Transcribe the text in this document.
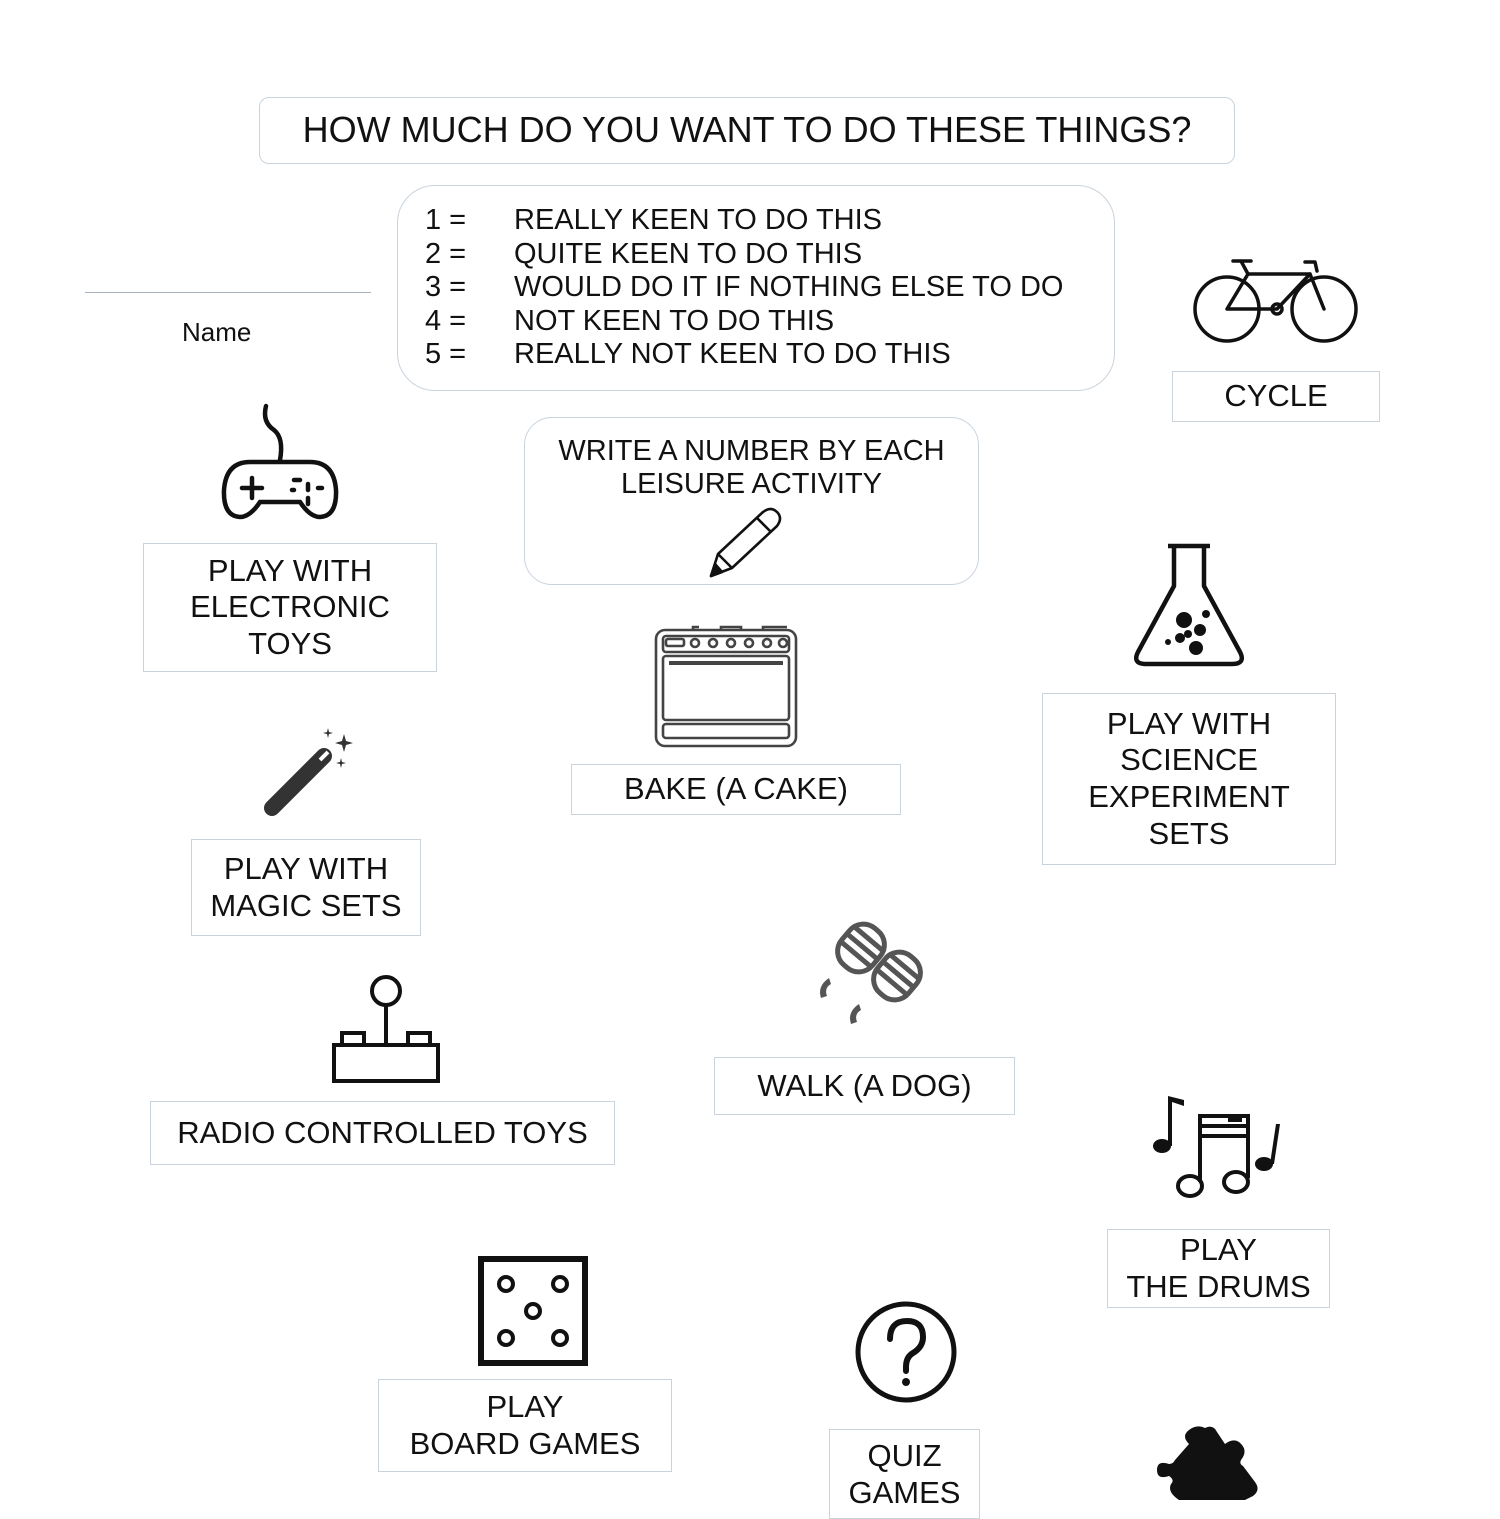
HOW MUCH DO YOU WANT TO DO THESE THINGS?
Name
1 =	REALLY KEEN TO DO THIS
2 =	QUITE KEEN TO DO THIS
3 =	WOULD DO IT IF NOTHING ELSE TO DO
4 =	NOT KEEN TO DO THIS
5 =	REALLY NOT KEEN TO DO THIS
WRITE A NUMBER BY EACH
LEISURE ACTIVITY
CYCLE
PLAY WITH
ELECTRONIC
TOYS
BAKE (A CAKE)
PLAY WITH
SCIENCE
EXPERIMENT
SETS
PLAY WITH
MAGIC SETS
WALK (A DOG)
RADIO CONTROLLED TOYS
PLAY
THE DRUMS
PLAY
BOARD GAMES	QUIZ
GAMES
